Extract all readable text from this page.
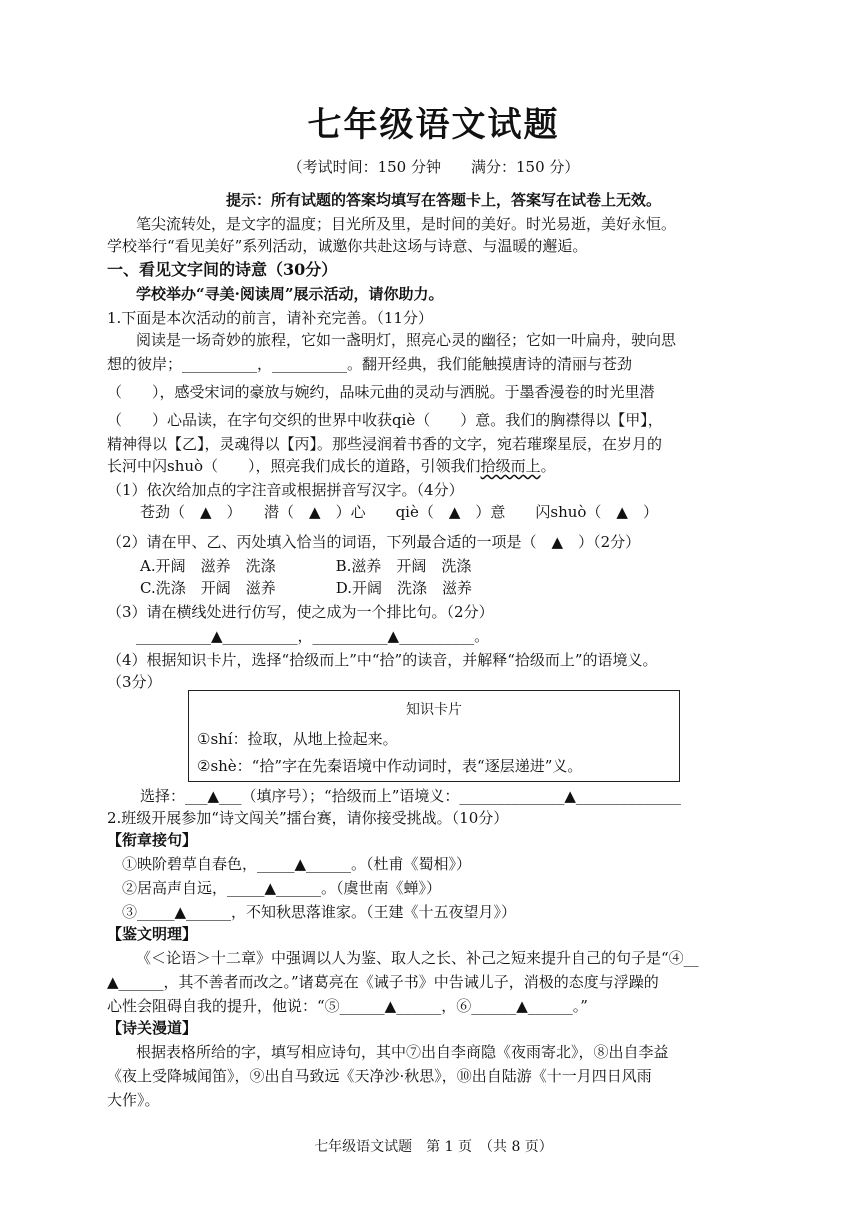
七年级语文试题
（考试时间：150 分钟　　满分：150 分）
提示：所有试题的答案均填写在答题卡上，答案写在试卷上无效。
笔尖流转处，是文字的温度；目光所及里，是时间的美好。时光易逝，美好永恒。
学校举行“看见美好”系列活动，诚邀你共赴这场与诗意、与温暖的邂逅。
一、看见文字间的诗意（30分）
学校举办“寻美·阅读周”展示活动，请你助力。
1.下面是本次活动的前言，请补充完善。（11分）
阅读是一场奇妙的旅程，它如一盏明灯，照亮心灵的幽径；它如一叶扁舟，驶向思
想的彼岸；__________，__________。翻开经典，我们能触摸唐诗的清丽与苍劲
（　　），感受宋词的豪放与婉约，品味元曲的灵动与洒脱。于墨香漫卷的时光里潜
（　　）心品读，在字句交织的世界中收获qiè（　　）意。我们的胸襟得以【甲】，
精神得以【乙】，灵魂得以【丙】。那些浸润着书香的文字，宛若璀璨星辰，在岁月的
长河中闪shuò（　　），照亮我们成长的道路，引领我们拾级而上。
（1）依次给加点的字注音或根据拼音写汉字。（4分）
苍劲（　▲　）　　潜（　▲　）心　　qiè（　▲　）意　　闪shuò（　▲　）
（2）请在甲、乙、丙处填入恰当的词语，下列最合适的一项是（　▲　）（2分）
A.开阔　滋养　洗涤　　　　B.滋养　开阔　洗涤
C.洗涤　开阔　滋养　　　　D.开阔　洗涤　滋养
（3）请在横线处进行仿写，使之成为一个排比句。（2分）
__________▲__________，__________▲__________。
（4）根据知识卡片，选择“拾级而上”中“拾”的读音，并解释“拾级而上”的语境义。
（3分）
知识卡片
①shí：捡取，从地上捡起来。
②shè：“拾”字在先秦语境中作动词时，表“逐层递进”义。
选择：___▲___（填序号）；“拾级而上”语境义：______________▲______________
2.班级开展参加“诗文闯关”擂台赛，请你接受挑战。（10分）
【衔章接句】
①映阶碧草自春色，_____▲______。（杜甫《蜀相》）
②居高声自远，_____▲______。（虞世南《蝉》）
③_____▲______，不知秋思落谁家。（王建《十五夜望月》）
【鉴文明理】
《＜论语＞十二章》中强调以人为鉴、取人之长、补己之短来提升自己的句子是“④__
▲______，其不善者而改之。”诸葛亮在《诫子书》中告诫儿子，消极的态度与浮躁的
心性会阻碍自我的提升，他说：“⑤______▲______，⑥______▲______。”
【诗关漫道】
根据表格所给的字，填写相应诗句，其中⑦出自李商隐《夜雨寄北》，⑧出自李益
《夜上受降城闻笛》，⑨出自马致远《天净沙·秋思》，⑩出自陆游《十一月四日风雨
大作》。
七年级语文试题　第 1 页　（共 8 页）
